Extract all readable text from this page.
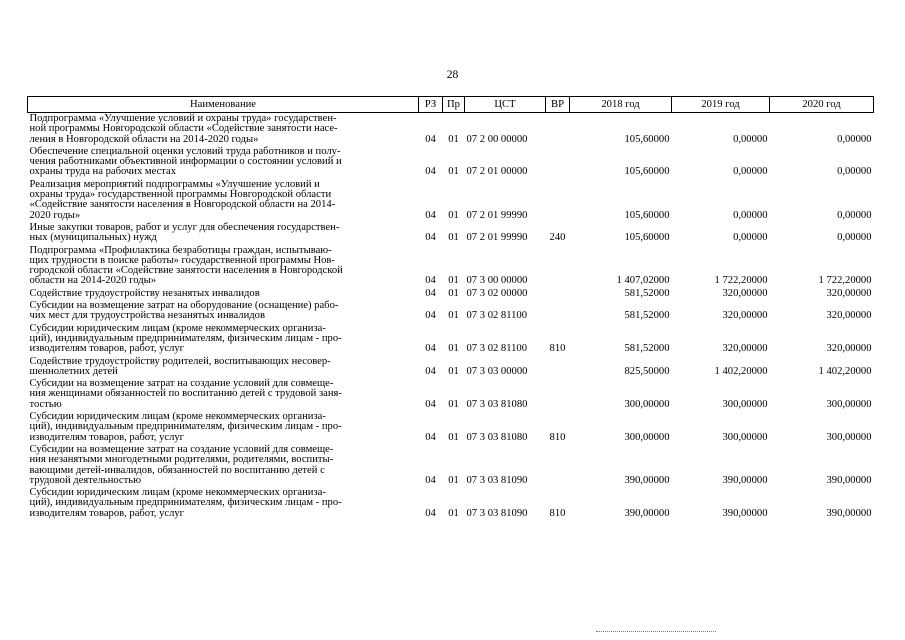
28
Наименование	РЗ	Пр	ЦСТ	ВР	2018 год	2019 год	2020 год
Подпрограмма «Улучшение условий и охраны труда» государствен-
ной программы Новгородской области «Содействие занятости насе-
ления в Новгородской области на 2014-2020 годы»	04	01	07 2 00 00000		105,60000	0,00000	0,00000
Обеспечение специальной оценки условий труда работников и полу-
чения работниками объективной информации о состоянии условий и
охраны труда на рабочих местах	04	01	07 2 01 00000		105,60000	0,00000	0,00000
Реализация мероприятий подпрограммы «Улучшение условий и
охраны труда» государственной программы Новгородской области
«Содействие занятости населения в Новгородской области на 2014-
2020 годы»	04	01	07 2 01 99990		105,60000	0,00000	0,00000
Иные закупки товаров, работ и услуг для обеспечения государствен-
ных (муниципальных) нужд	04	01	07 2 01 99990	240	105,60000	0,00000	0,00000
Подпрограмма «Профилактика безработицы граждан, испытываю-
щих трудности в поиске работы» государственной программы Нов-
городской области «Содействие занятости населения в Новгородской
области на 2014-2020 годы»	04	01	07 3 00 00000		1 407,02000	1 722,20000	1 722,20000
Содействие трудоустройству незанятых инвалидов	04	01	07 3 02 00000		581,52000	320,00000	320,00000
Субсидии на возмещение затрат на оборудование (оснащение) рабо-
чих мест для трудоустройства незанятых инвалидов	04	01	07 3 02 81100		581,52000	320,00000	320,00000
Субсидии юридическим лицам (кроме некоммерческих организа-
ций), индивидуальным предпринимателям, физическим лицам - про-
изводителям товаров, работ, услуг	04	01	07 3 02 81100	810	581,52000	320,00000	320,00000
Содействие трудоустройству родителей, воспитывающих несовер-
шеннолетних детей	04	01	07 3 03 00000		825,50000	1 402,20000	1 402,20000
Субсидии на возмещение затрат на создание условий для совмеще-
ния женщинами обязанностей по воспитанию детей с трудовой заня-
тостью	04	01	07 3 03 81080		300,00000	300,00000	300,00000
Субсидии юридическим лицам (кроме некоммерческих организа-
ций), индивидуальным предпринимателям, физическим лицам - про-
изводителям товаров, работ, услуг	04	01	07 3 03 81080	810	300,00000	300,00000	300,00000
Субсидии на возмещение затрат на создание условий для совмеще-
ния незанятыми многодетными родителями, родителями, воспиты-
вающими детей-инвалидов, обязанностей по воспитанию детей с
трудовой деятельностью	04	01	07 3 03 81090		390,00000	390,00000	390,00000
Субсидии юридическим лицам (кроме некоммерческих организа-
ций), индивидуальным предпринимателям, физическим лицам - про-
изводителям товаров, работ, услуг	04	01	07 3 03 81090	810	390,00000	390,00000	390,00000
